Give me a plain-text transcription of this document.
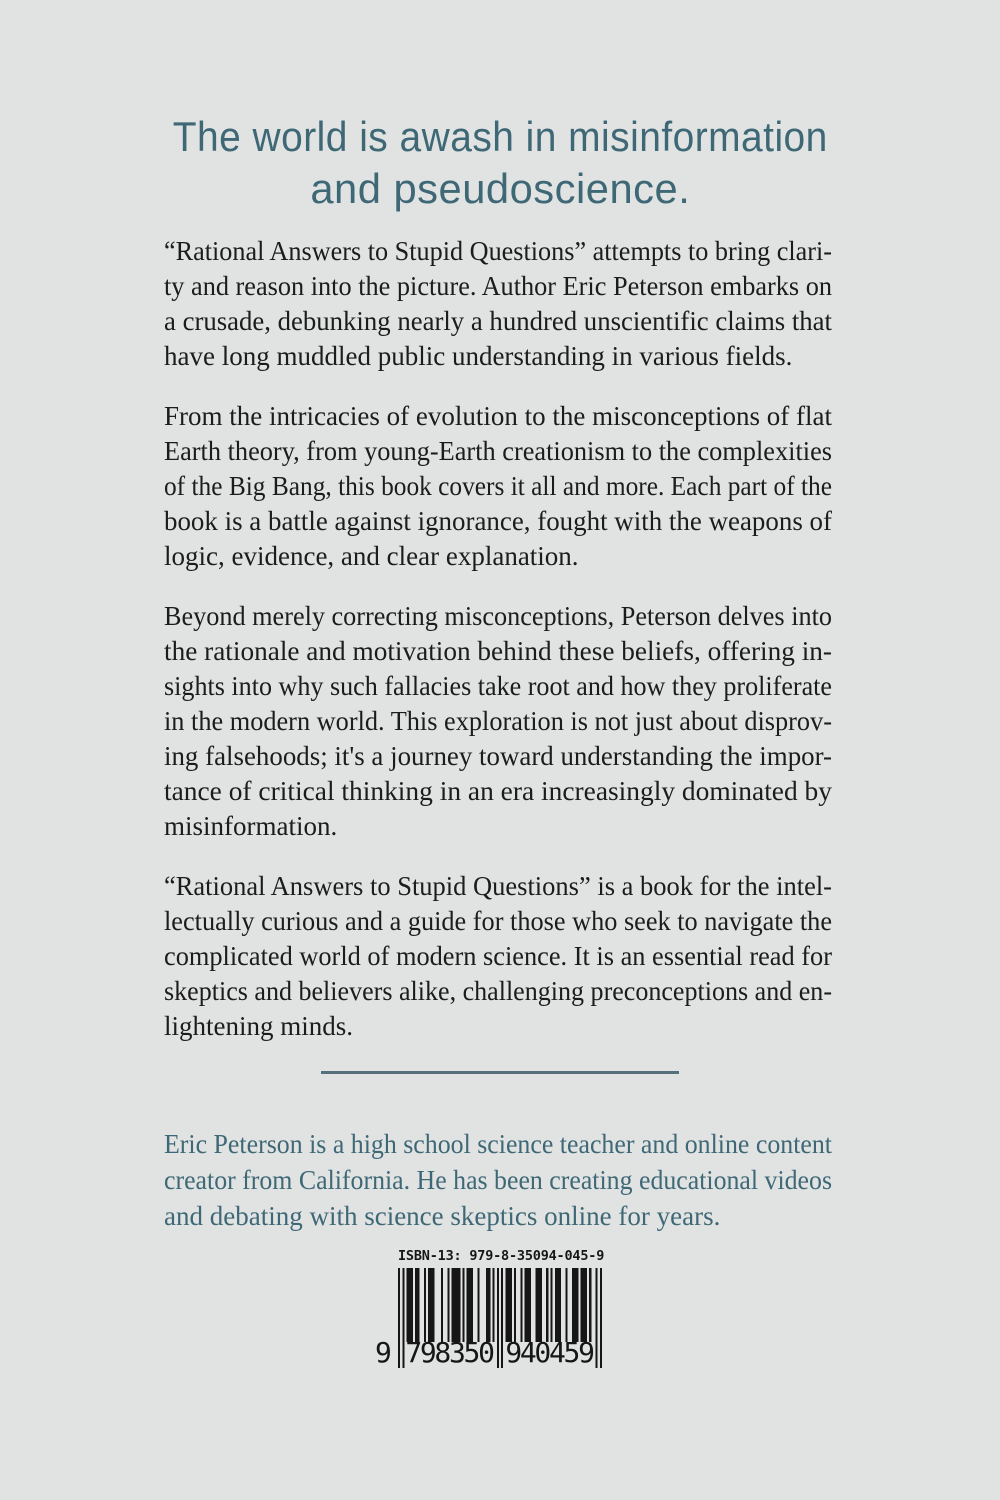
The world is awash in misinformation
and pseudoscience.
“Rational Answers to Stupid Questions” attempts to bring clari-
ty and reason into the picture. Author Eric Peterson embarks on
a crusade, debunking nearly a hundred unscientific claims that
have long muddled public understanding in various fields.
From the intricacies of evolution to the misconceptions of flat
Earth theory, from young-Earth creationism to the complexities
of the Big Bang, this book covers it all and more. Each part of the
book is a battle against ignorance, fought with the weapons of
logic, evidence, and clear explanation.
Beyond merely correcting misconceptions, Peterson delves into
the rationale and motivation behind these beliefs, offering in-
sights into why such fallacies take root and how they proliferate
in the modern world. This exploration is not just about disprov-
ing falsehoods; it's a journey toward understanding the impor-
tance of critical thinking in an era increasingly dominated by
misinformation.
“Rational Answers to Stupid Questions” is a book for the intel-
lectually curious and a guide for those who seek to navigate the
complicated world of modern science. It is an essential read for
skeptics and believers alike, challenging preconceptions and en-
lightening minds.
Eric Peterson is a high school science teacher and online content
creator from California. He has been creating educational videos
and debating with science skeptics online for years.
ISBN-13: 979-8-35094-045-9
9 798350 940459
